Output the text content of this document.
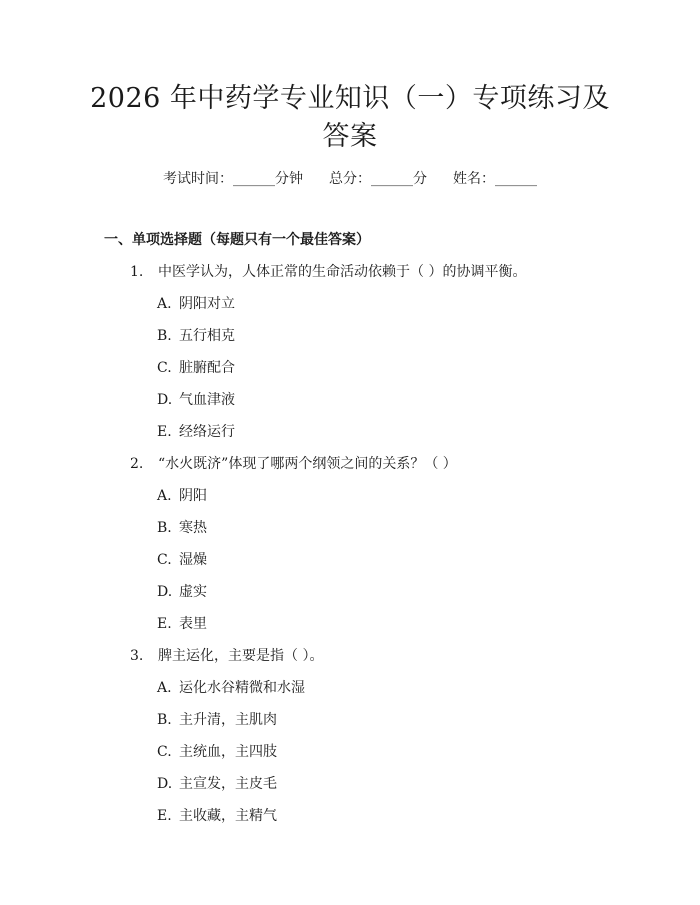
2026 年中药学专业知识（一）专项练习及答案
考试时间：______分钟 总分：______分 姓名：______
一、单项选择题（每题只有一个最佳答案）
1. 中医学认为，人体正常的生命活动依赖于（ ）的协调平衡。
A. 阴阳对立
B. 五行相克
C. 脏腑配合
D. 气血津液
E. 经络运行
2. “水火既济”体现了哪两个纲领之间的关系？（ ）
A. 阴阳
B. 寒热
C. 湿燥
D. 虚实
E. 表里
3. 脾主运化，主要是指（ ）。
A. 运化水谷精微和水湿
B. 主升清，主肌肉
C. 主统血，主四肢
D. 主宣发，主皮毛
E. 主收藏，主精气
